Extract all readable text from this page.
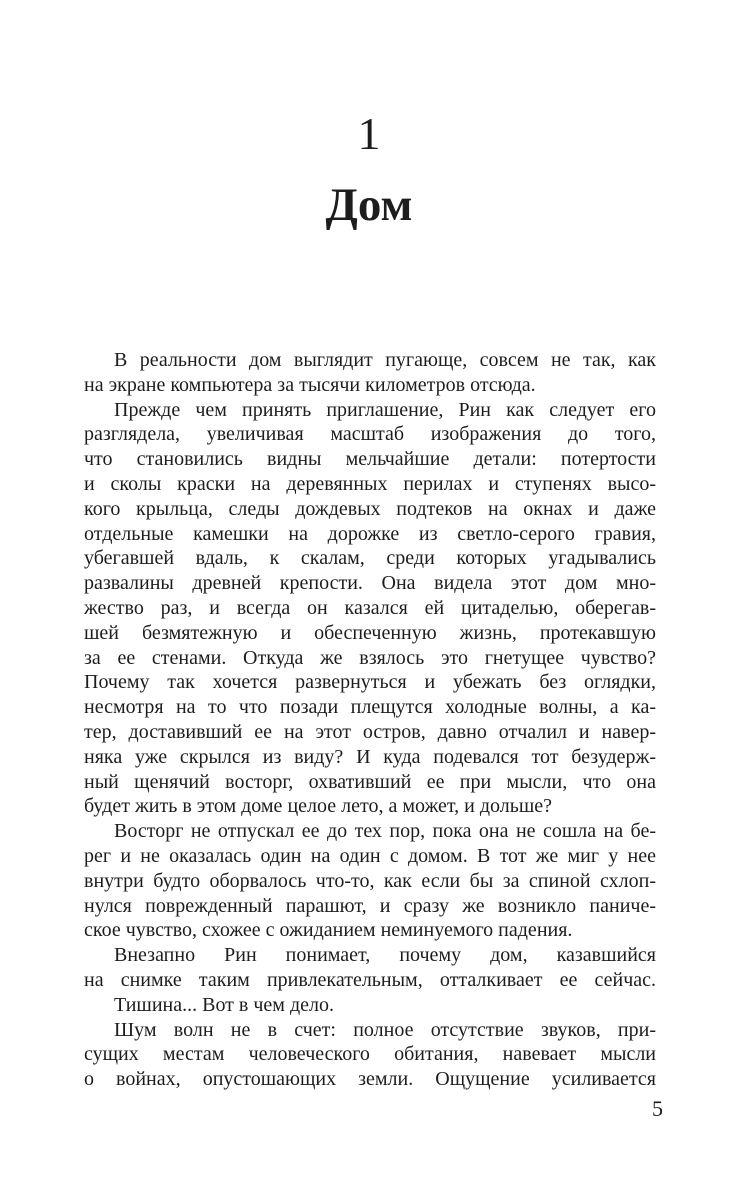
1
Дом
В реальности дом выглядит пугающе, совсем не так, как
на экране компьютера за тысячи километров отсюда.
Прежде чем принять приглашение, Рин как следует его
разглядела, увеличивая масштаб изображения до того,
что становились видны мельчайшие детали: потертости
и сколы краски на деревянных перилах и ступенях высо-
кого крыльца, следы дождевых подтеков на окнах и даже
отдельные камешки на дорожке из светло-серого гравия,
убегавшей вдаль, к скалам, среди которых угадывались
развалины древней крепости. Она видела этот дом мно-
жество раз, и всегда он казался ей цитаделью, оберегав-
шей безмятежную и обеспеченную жизнь, протекавшую
за ее стенами. Откуда же взялось это гнетущее чувство?
Почему так хочется развернуться и убежать без оглядки,
несмотря на то что позади плещутся холодные волны, а ка-
тер, доставивший ее на этот остров, давно отчалил и навер-
няка уже скрылся из виду? И куда подевался тот безудерж-
ный щенячий восторг, охвативший ее при мысли, что она
будет жить в этом доме целое лето, а может, и дольше?
Восторг не отпускал ее до тех пор, пока она не сошла на бе-
рег и не оказалась один на один с домом. В тот же миг у нее
внутри будто оборвалось что-то, как если бы за спиной схлоп-
нулся поврежденный парашют, и сразу же возникло паниче-
ское чувство, схожее с ожиданием неминуемого падения.
Внезапно Рин понимает, почему дом, казавшийся
на снимке таким привлекательным, отталкивает ее сейчас.
Тишина... Вот в чем дело.
Шум волн не в счет: полное отсутствие звуков, при-
сущих местам человеческого обитания, навевает мысли
о войнах, опустошающих земли. Ощущение усиливается
5
